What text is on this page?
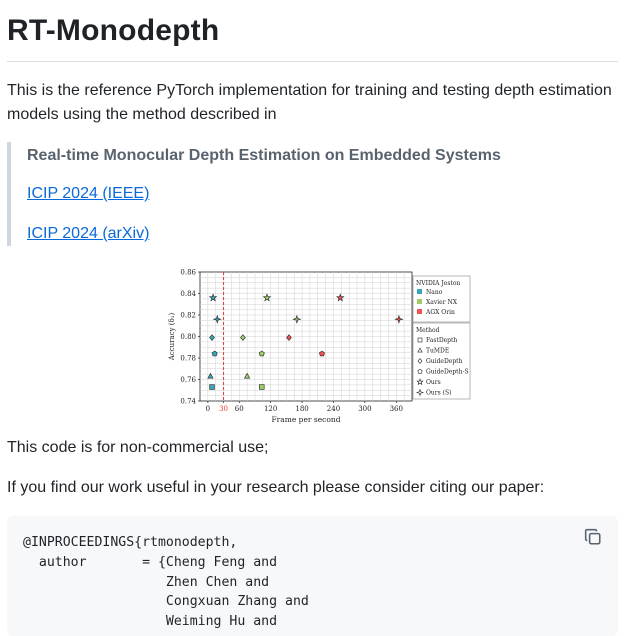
RT-Monodepth
This is the reference PyTorch implementation for training and testing depth estimation models using the method described in
Real-time Monocular Depth Estimation on Embedded Systems
ICIP 2024 (IEEE)
ICIP 2024 (arXiv)
0.74
0.76
0.78
0.80
0.82
0.84
0.86
0 30 60	120	180	240	300	360
Frame per second
Accuracy (δ₁)
NVIDIA Jeston
Nano
Xavier NX
AGX Orin
Method
FastDepth
TuMDE
GuideDepth
GuideDepth-S
Ours
Ours (S)
This code is for non-commercial use;
If you find our work useful in your research please consider citing our paper:
@INPROCEEDINGS{rtmonodepth,
author       = {Cheng Feng and
Zhen Chen and
Congxuan Zhang and
Weiming Hu and
